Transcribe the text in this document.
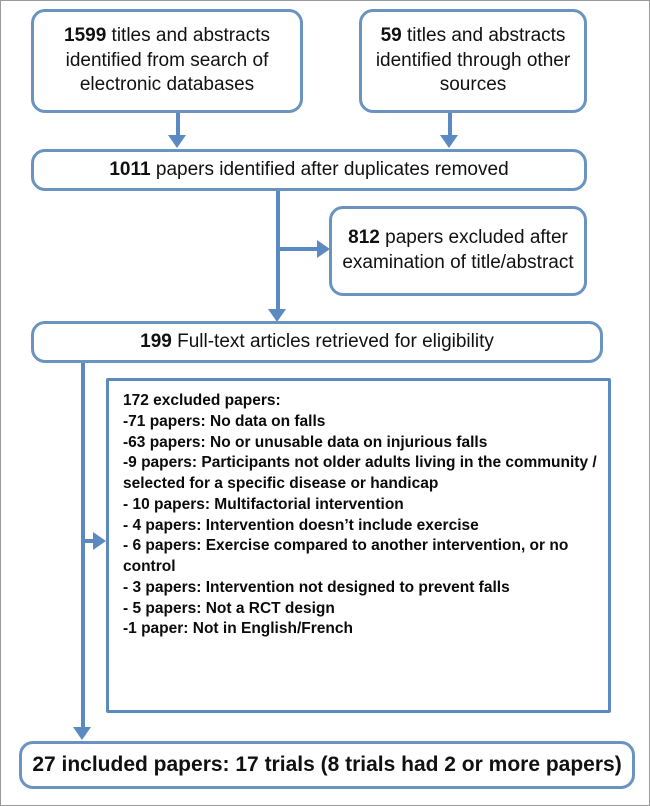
1599 titles and abstracts identified from search of electronic databases
59 titles and abstracts identified through other sources
1011 papers identified after duplicates removed
812 papers excluded after examination of title/abstract
199 Full-text articles retrieved for eligibility
172 excluded papers:
-71 papers: No data on falls
-63 papers: No or unusable data on injurious falls
-9 papers: Participants not older adults living in the community / selected for a specific disease or handicap
- 10 papers: Multifactorial intervention
- 4 papers: Intervention doesn’t include exercise
- 6 papers: Exercise compared to another intervention, or no control
- 3 papers: Intervention not designed to prevent falls
- 5 papers: Not a RCT design
-1 paper: Not in English/French
27 included papers: 17 trials (8 trials had 2 or more papers)
